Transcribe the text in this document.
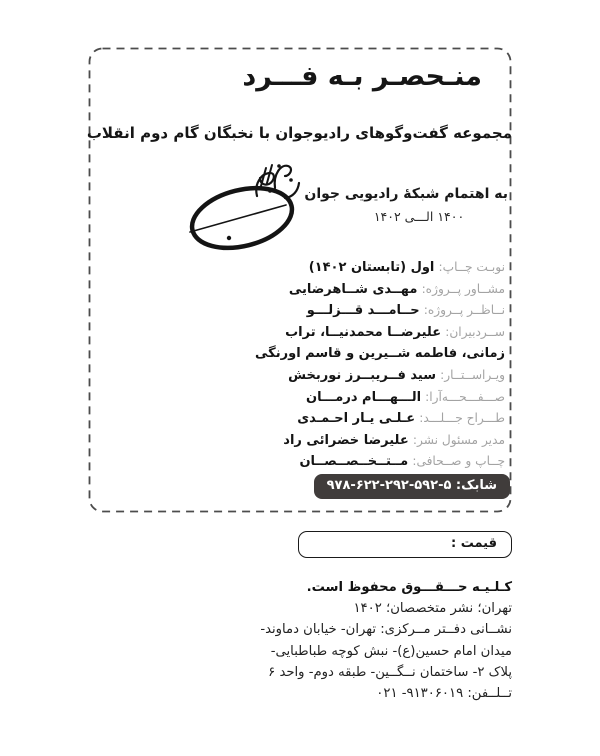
منـحصـر بـه فـــرد
مجموعه گفت‌وگوهای رادیوجوان با نخبگان گام دوم انقلاب
به اهتمام شبکهٔ رادیویی جوان
۱۴۰۰ الـــی ۱۴۰۲
نوبـت چــاپ: اول (تابستان ۱۴۰۲)
مشــاور پــروژه: مهــدی شــاهرضایی
نــاظــر پــروژه: حــامـــد قـــزلـــو
ســردبیران: علیرضــا محمدنیــا، تراب
زمانی، فاطمه شــیرین و قاسم اورنگی
ویـراســتــار: سید فــریبــرز نوربخش
صـــفـــحـــه‌آرا: الـــهـــام درمـــان
طـــراح جـــلـــد: عـلـی یـار احـمـدی
مدیر مسئول نشر: علیرضا خضرائی راد
چــاپ و صــحافی: مــتــخــصــصــان
شابک: ۵-۵۹۲-۲۹۲-۶۲۲-۹۷۸
قیمت :
کـلـیـه حـــقـــوق محفوظ است.
تهران؛ نشر متخصصان؛ ۱۴۰۲
نشــانی دفــتر مــرکزی: تهران- خیابان دماوند-
میدان امام حسین(ع)- نبش کوچه طباطبایی-
پلاک ۲- ساختمان نــگــین- طبقه دوم- واحد ۶
تــلــفن: ۹۱۳۰۶۰۱۹- ۰۲۱
